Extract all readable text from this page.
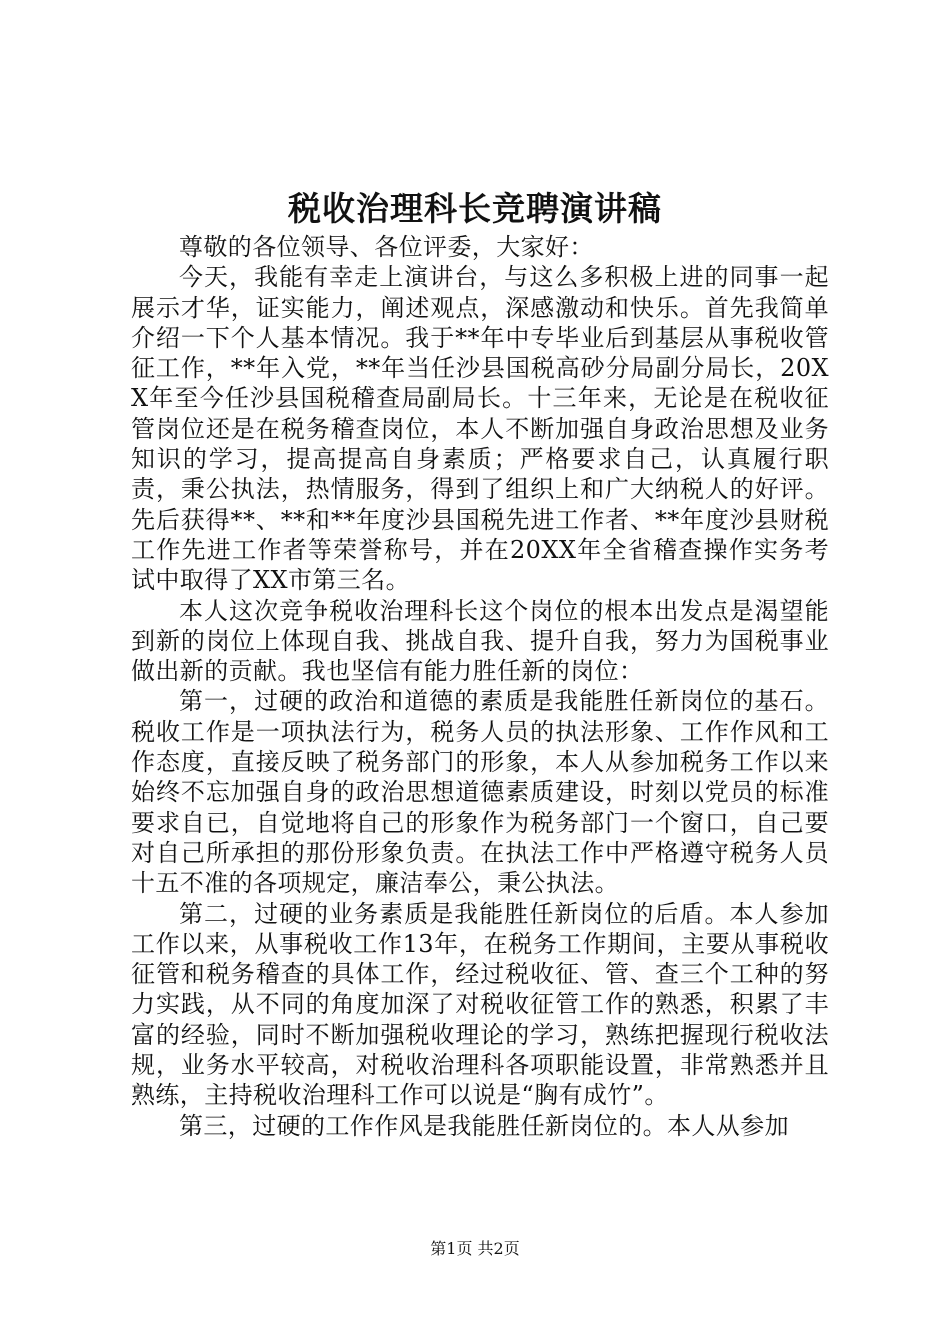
税收治理科长竞聘演讲稿

尊敬的各位领导、各位评委，大家好：

今天，我能有幸走上演讲台，与这么多积极上进的同事一起展示才华，证实能力，阐述观点，深感激动和快乐。首先我简单介绍一下个人基本情况。我于**年中专毕业后到基层从事税收管征工作，**年入党，**年当任沙县国税高砂分局副分局长，20XX年至今任沙县国税稽查局副局长。十三年来，无论是在税收征管岗位还是在税务稽查岗位，本人不断加强自身政治思想及业务知识的学习，提高提高自身素质；严格要求自己，认真履行职责，秉公执法，热情服务，得到了组织上和广大纳税人的好评。先后获得**、**和**年度沙县国税先进工作者、**年度沙县财税工作先进工作者等荣誉称号，并在20XX年全省稽查操作实务考试中取得了XX市第三名。

本人这次竞争税收治理科长这个岗位的根本出发点是渴望能到新的岗位上体现自我、挑战自我、提升自我，努力为国税事业做出新的贡献。我也坚信有能力胜任新的岗位：

第一，过硬的政治和道德的素质是我能胜任新岗位的基石。税收工作是一项执法行为，税务人员的执法形象、工作作风和工作态度，直接反映了税务部门的形象，本人从参加税务工作以来始终不忘加强自身的政治思想道德素质建设，时刻以党员的标准要求自已，自觉地将自己的形象作为税务部门一个窗口，自己要对自己所承担的那份形象负责。在执法工作中严格遵守税务人员十五不准的各项规定，廉洁奉公，秉公执法。

第二，过硬的业务素质是我能胜任新岗位的后盾。本人参加工作以来，从事税收工作13年，在税务工作期间，主要从事税收征管和税务稽查的具体工作，经过税收征、管、查三个工种的努力实践，从不同的角度加深了对税收征管工作的熟悉，积累了丰富的经验，同时不断加强税收理论的学习，熟练把握现行税收法规，业务水平较高，对税收治理科各项职能设置，非常熟悉并且熟练，主持税收治理科工作可以说是“胸有成竹”。

第三，过硬的工作作风是我能胜任新岗位的。本人从参加

第1页 共2页
